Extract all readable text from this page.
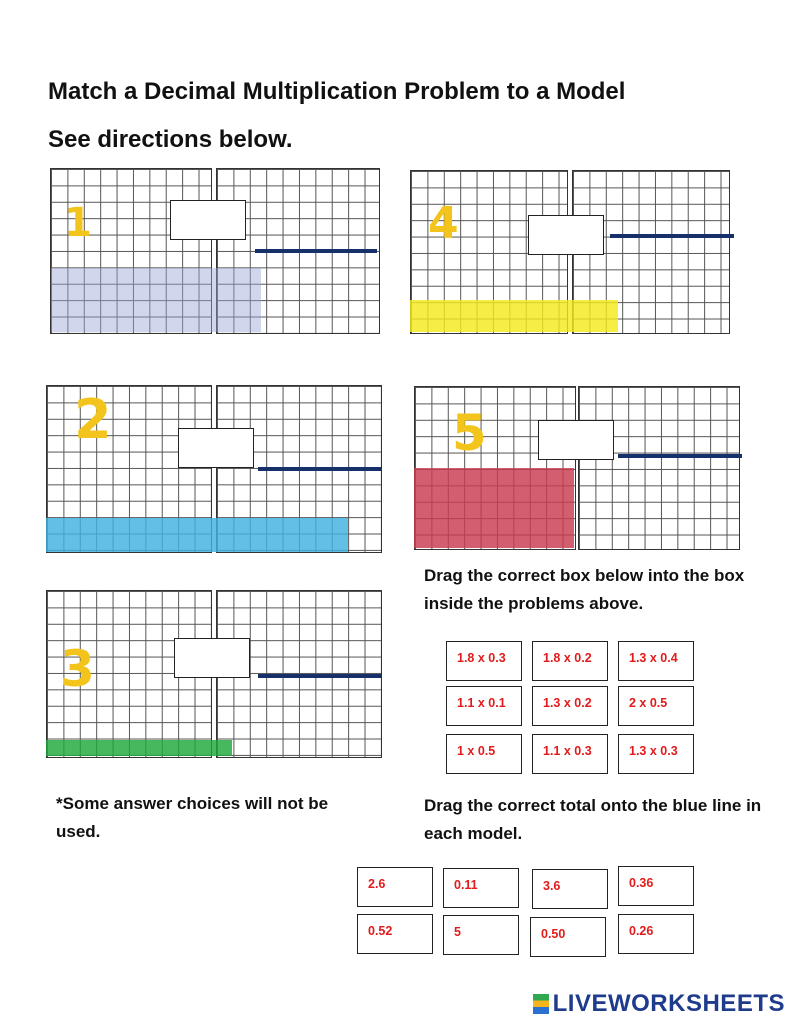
Match a Decimal Multiplication Problem to a Model
See directions below.
1	4
2	5
3
Drag the correct box below into the box inside the problems above.
*Some answer choices will not be used.
Drag the correct total onto the blue line in each model.
1.8 x 0.3	1.8 x 0.2	1.3 x 0.4
1.1 x 0.1	1.3 x 0.2	2 x 0.5
1 x 0.5	1.1 x 0.3	1.3 x 0.3
2.6	0.11	3.6	0.36
0.52	5	0.50	0.26
LIVEWORKSHEETS
